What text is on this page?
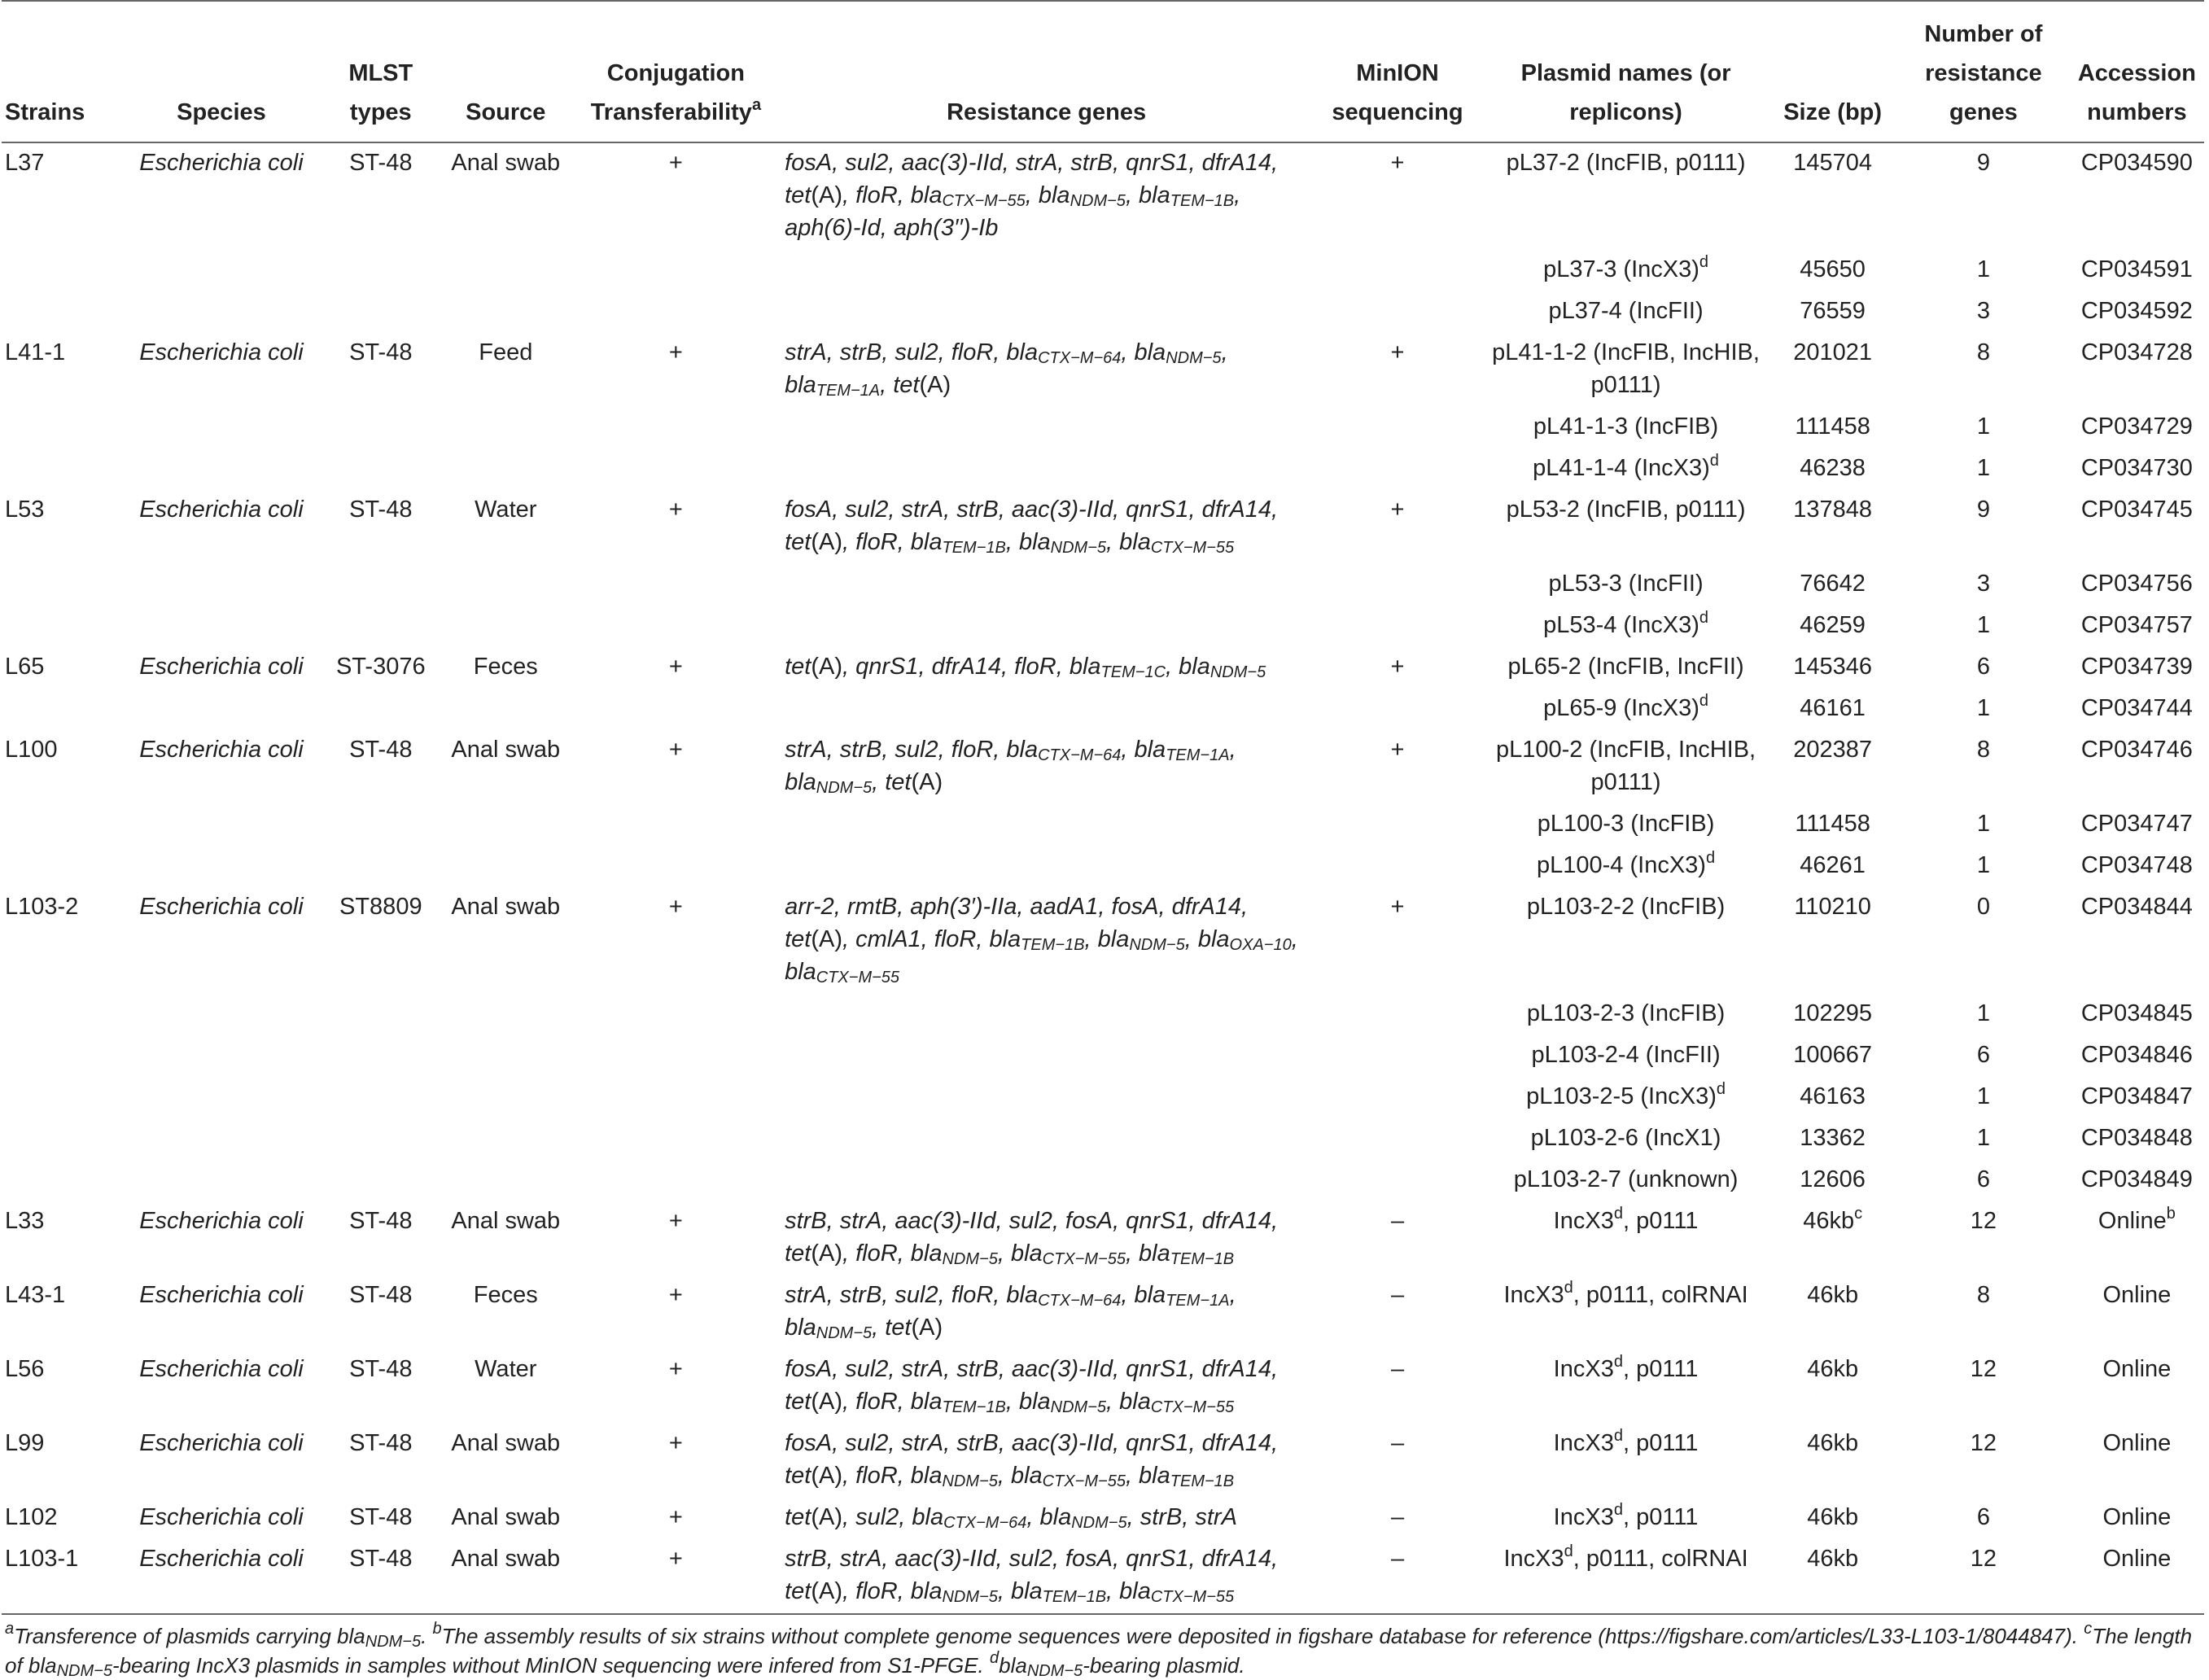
Strains	Species	MLST types	Source	Conjugation Transferability$^a$	Resistance genes	MinION sequencing	Plasmid names (or replicons)	Size (bp)	Number of resistance genes	Accession numbers
L37	Escherichia coli	ST-48	Anal swab	+	fosA, sul2, aac(3)-IId, strA, strB, qnrS1, dfrA14, tet(A), floR, bla$_{CTX-M-55}$, bla$_{NDM-5}$, bla$_{TEM-1B}$, aph(6)-Id, aph(3′′)-Ib	+	pL37-2 (IncFIB, p0111)	145704	9	CP034590
							pL37-3 (IncX3)$^d$	45650	1	CP034591
							pL37-4 (IncFII)	76559	3	CP034592
L41-1	Escherichia coli	ST-48	Feed	+	strA, strB, sul2, floR, bla$_{CTX-M-64}$, bla$_{NDM-5}$, bla$_{TEM-1A}$, tet(A)	+	pL41-1-2 (IncFIB, IncHIB, p0111)	201021	8	CP034728
							pL41-1-3 (IncFIB)	111458	1	CP034729
							pL41-1-4 (IncX3)$^d$	46238	1	CP034730
L53	Escherichia coli	ST-48	Water	+	fosA, sul2, strA, strB, aac(3)-IId, qnrS1, dfrA14, tet(A), floR, bla$_{TEM-1B}$, bla$_{NDM-5}$, bla$_{CTX-M-55}$	+	pL53-2 (IncFIB, p0111)	137848	9	CP034745
							pL53-3 (IncFII)	76642	3	CP034756
							pL53-4 (IncX3)$^d$	46259	1	CP034757
L65	Escherichia coli	ST-3076	Feces	+	tet(A), qnrS1, dfrA14, floR, bla$_{TEM-1C}$, bla$_{NDM-5}$	+	pL65-2 (IncFIB, IncFII)	145346	6	CP034739
							pL65-9 (IncX3)$^d$	46161	1	CP034744
L100	Escherichia coli	ST-48	Anal swab	+	strA, strB, sul2, floR, bla$_{CTX-M-64}$, bla$_{TEM-1A}$, bla$_{NDM-5}$, tet(A)	+	pL100-2 (IncFIB, IncHIB, p0111)	202387	8	CP034746
							pL100-3 (IncFIB)	111458	1	CP034747
							pL100-4 (IncX3)$^d$	46261	1	CP034748
L103-2	Escherichia coli	ST8809	Anal swab	+	arr-2, rmtB, aph(3′)-IIa, aadA1, fosA, dfrA14, tet(A), cmlA1, floR, bla$_{TEM-1B}$, bla$_{NDM-5}$, bla$_{OXA-10}$, bla$_{CTX-M-55}$	+	pL103-2-2 (IncFIB)	110210	0	CP034844
							pL103-2-3 (IncFIB)	102295	1	CP034845
							pL103-2-4 (IncFII)	100667	6	CP034846
							pL103-2-5 (IncX3)$^d$	46163	1	CP034847
							pL103-2-6 (IncX1)	13362	1	CP034848
							pL103-2-7 (unknown)	12606	6	CP034849
L33	Escherichia coli	ST-48	Anal swab	+	strB, strA, aac(3)-IId, sul2, fosA, qnrS1, dfrA14, tet(A), floR, bla$_{NDM-5}$, bla$_{CTX-M-55}$, bla$_{TEM-1B}$	–	IncX3$^d$, p0111	$46kb^c$	12	Online$^b$
L43-1	Escherichia coli	ST-48	Feces	+	strA, strB, sul2, floR, bla$_{CTX-M-64}$, bla$_{TEM-1A}$, bla$_{NDM-5}$, tet(A)	–	IncX3$^d$, p0111, colRNAI	46kb	8	Online
L56	Escherichia coli	ST-48	Water	+	fosA, sul2, strA, strB, aac(3)-IId, qnrS1, dfrA14, tet(A), floR, bla$_{TEM-1B}$, bla$_{NDM-5}$, bla$_{CTX-M-55}$	–	IncX3$^d$, p0111	46kb	12	Online
L99	Escherichia coli	ST-48	Anal swab	+	fosA, sul2, strA, strB, aac(3)-IId, qnrS1, dfrA14, tet(A), floR, bla$_{NDM-5}$, bla$_{CTX-M-55}$, bla$_{TEM-1B}$	–	IncX3$^d$, p0111	46kb	12	Online
L102	Escherichia coli	ST-48	Anal swab	+	tet(A), sul2, bla$_{CTX-M-64}$, bla$_{NDM-5}$, strB, strA	–	IncX3$^d$, p0111	46kb	6	Online
L103-1	Escherichia coli	ST-48	Anal swab	+	strB, strA, aac(3)-IId, sul2, fosA, qnrS1, dfrA14, tet(A), floR, bla$_{NDM-5}$, bla$_{TEM-1B}$, bla$_{CTX-M-55}$	–	IncX3$^d$, p0111, colRNAI	46kb	12	Online
$^a$Transference of plasmids carrying bla$_{NDM-5}$. $^b$The assembly results of six strains without complete genome sequences were deposited in figshare database for reference (https://figshare.com/articles/L33-L103-1/8044847). $^c$The length of bla$_{NDM-5}$-bearing IncX3 plasmids in samples without MinION sequencing were infered from S1-PFGE. $^d$bla$_{NDM-5}$-bearing plasmid.
